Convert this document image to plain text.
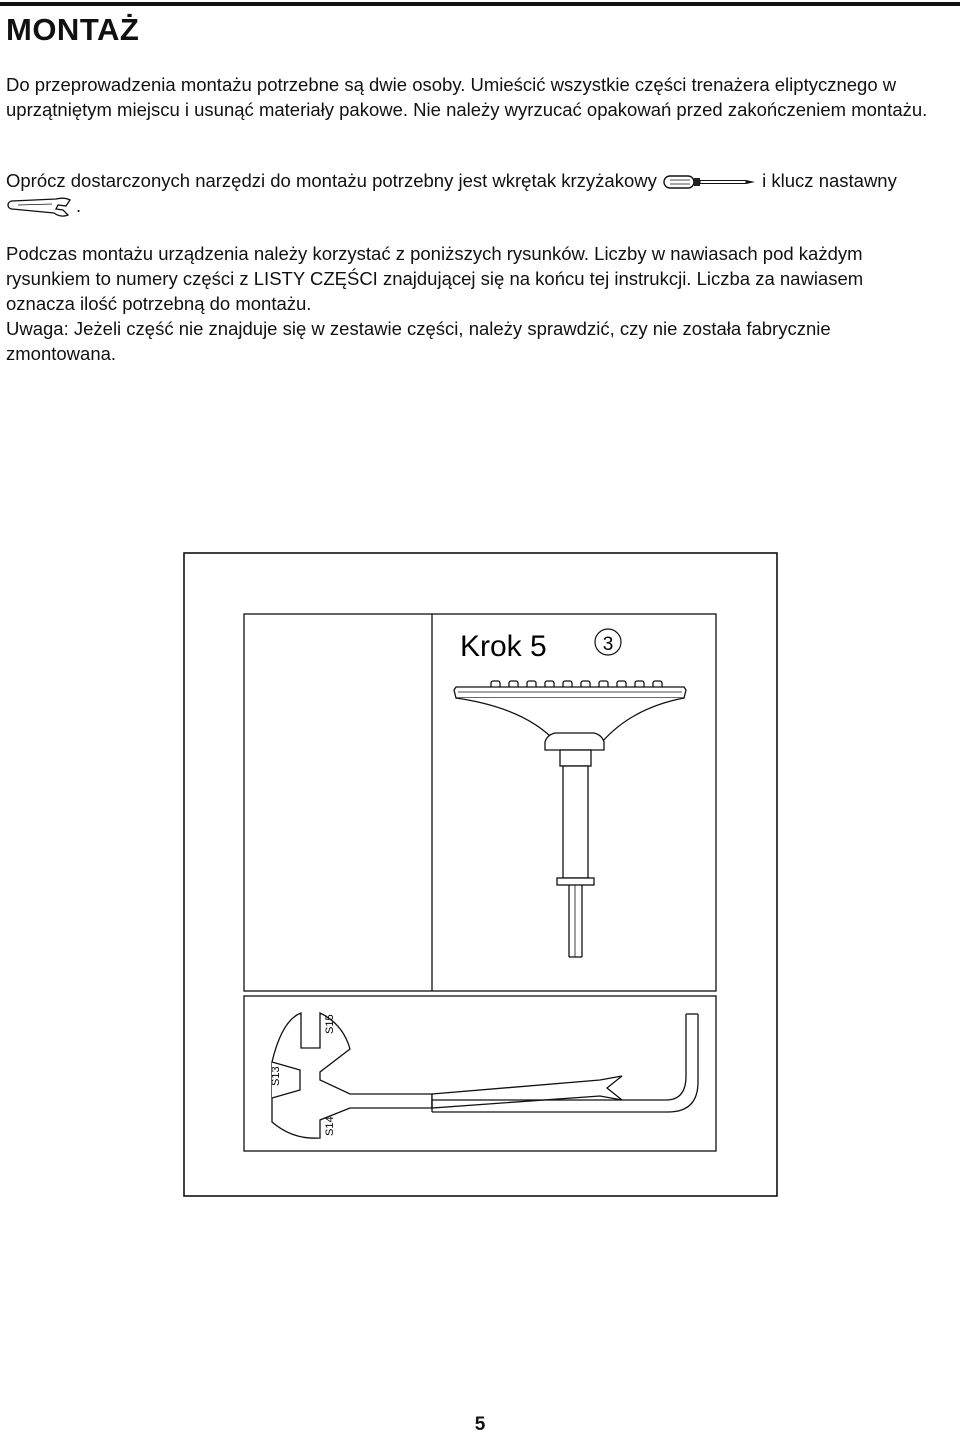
MONTAŻ

Do przeprowadzenia montażu potrzebne są dwie osoby. Umieścić wszystkie części trenażera eliptycznego w uprzątniętym miejscu i usunąć materiały pakowe. Nie należy wyrzucać opakowań przed zakończeniem montażu.

Oprócz dostarczonych narzędzi do montażu potrzebny jest wkrętak krzyżakowy	i klucz nastawny .

Podczas montażu urządzenia należy korzystać z poniższych rysunków. Liczby w nawiasach pod każdym rysunkiem to numery części z LISTY CZĘŚCI znajdującej się na końcu tej instrukcji. Liczba za nawiasem oznacza ilość potrzebną do montażu.
Uwaga: Jeżeli część nie znajduje się w zestawie części, należy sprawdzić, czy nie została fabrycznie zmontowana.

Krok 5	3
S13
S14
S15
5
